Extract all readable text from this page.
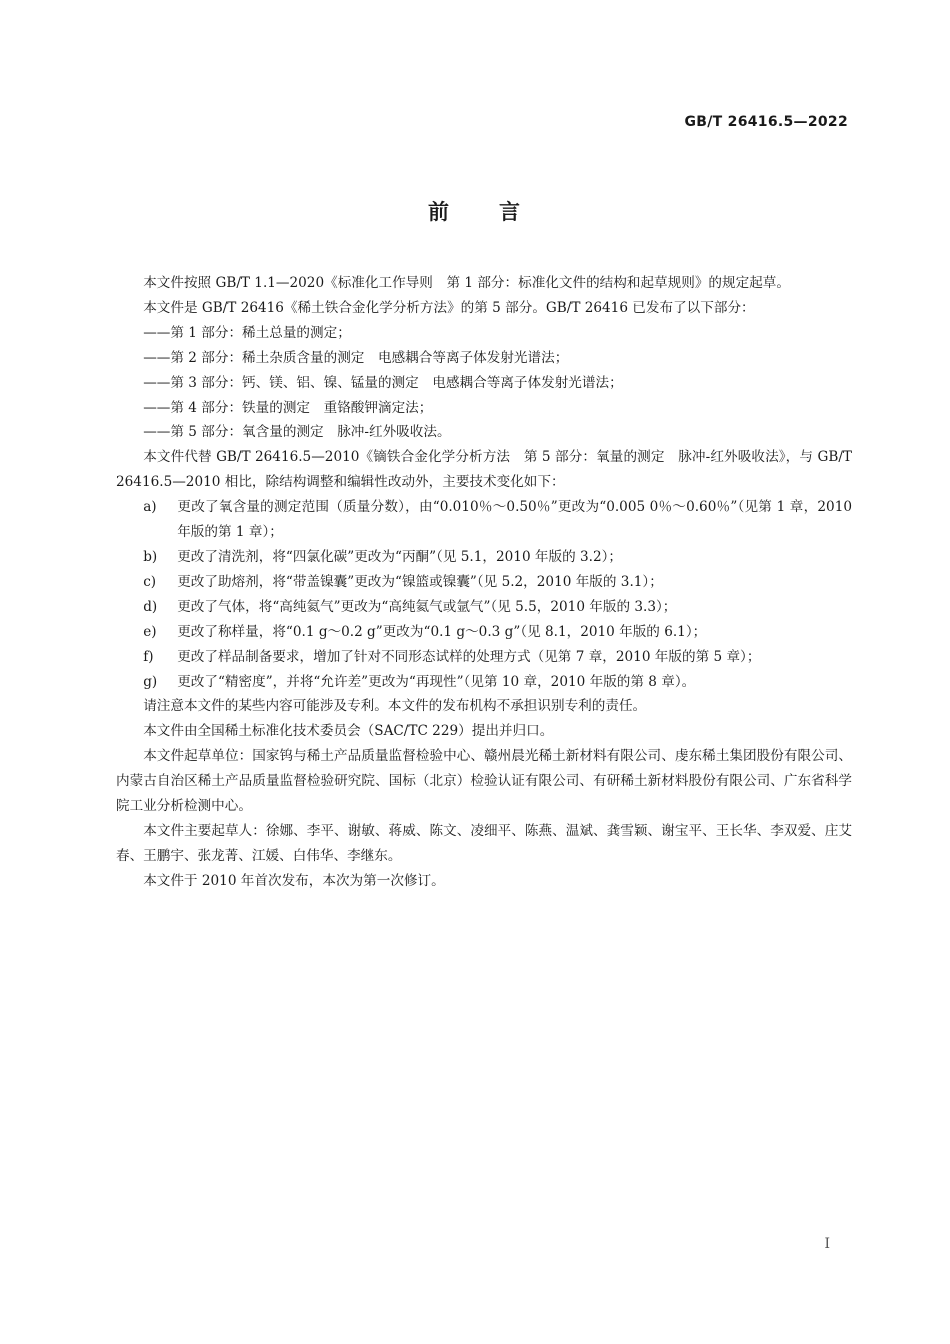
GB/T 26416.5—2022
前 言

本文件按照 GB/T 1.1—2020《标准化工作导则　第 1 部分：标准化文件的结构和起草规则》的规定起草。

本文件是 GB/T 26416《稀土铁合金化学分析方法》的第 5 部分。GB/T 26416 已发布了以下部分：

——第 1 部分：稀土总量的测定；

——第 2 部分：稀土杂质含量的测定　电感耦合等离子体发射光谱法；

——第 3 部分：钙、镁、铝、镍、锰量的测定　电感耦合等离子体发射光谱法；

——第 4 部分：铁量的测定　重铬酸钾滴定法；

——第 5 部分：氧含量的测定　脉冲-红外吸收法。

本文件代替 GB/T 26416.5—2010《镝铁合金化学分析方法　第 5 部分：氧量的测定　脉冲-红外吸收法》，与 GB/T 26416.5—2010 相比，除结构调整和编辑性改动外，主要技术变化如下：

a) 更改了氧含量的测定范围（质量分数），由“0.010％～0.50％”更改为“0.005 0％～0.60％”（见第 1 章，2010 年版的第 1 章）；

b) 更改了清洗剂，将“四氯化碳”更改为“丙酮”（见 5.1，2010 年版的 3.2）；

c) 更改了助熔剂，将“带盖镍囊”更改为“镍篮或镍囊”（见 5.2，2010 年版的 3.1）；

d) 更改了气体，将“高纯氦气”更改为“高纯氦气或氩气”（见 5.5，2010 年版的 3.3）；

e) 更改了称样量，将“0.1 g～0.2 g”更改为“0.1 g～0.3 g”（见 8.1，2010 年版的 6.1）；

f) 更改了样品制备要求，增加了针对不同形态试样的处理方式（见第 7 章，2010 年版的第 5 章）；

g) 更改了“精密度”，并将“允许差”更改为“再现性”（见第 10 章，2010 年版的第 8 章）。

请注意本文件的某些内容可能涉及专利。本文件的发布机构不承担识别专利的责任。

本文件由全国稀土标准化技术委员会（SAC/TC 229）提出并归口。

本文件起草单位：国家钨与稀土产品质量监督检验中心、赣州晨光稀土新材料有限公司、虔东稀土集团股份有限公司、内蒙古自治区稀土产品质量监督检验研究院、国标（北京）检验认证有限公司、有研稀土新材料股份有限公司、广东省科学院工业分析检测中心。

本文件主要起草人：徐娜、李平、谢敏、蒋威、陈文、凌细平、陈燕、温斌、龚雪颖、谢宝平、王长华、李双爱、庄艾春、王鹏宇、张龙菁、江媛、白伟华、李继东。

本文件于 2010 年首次发布，本次为第一次修订。

Ⅰ
